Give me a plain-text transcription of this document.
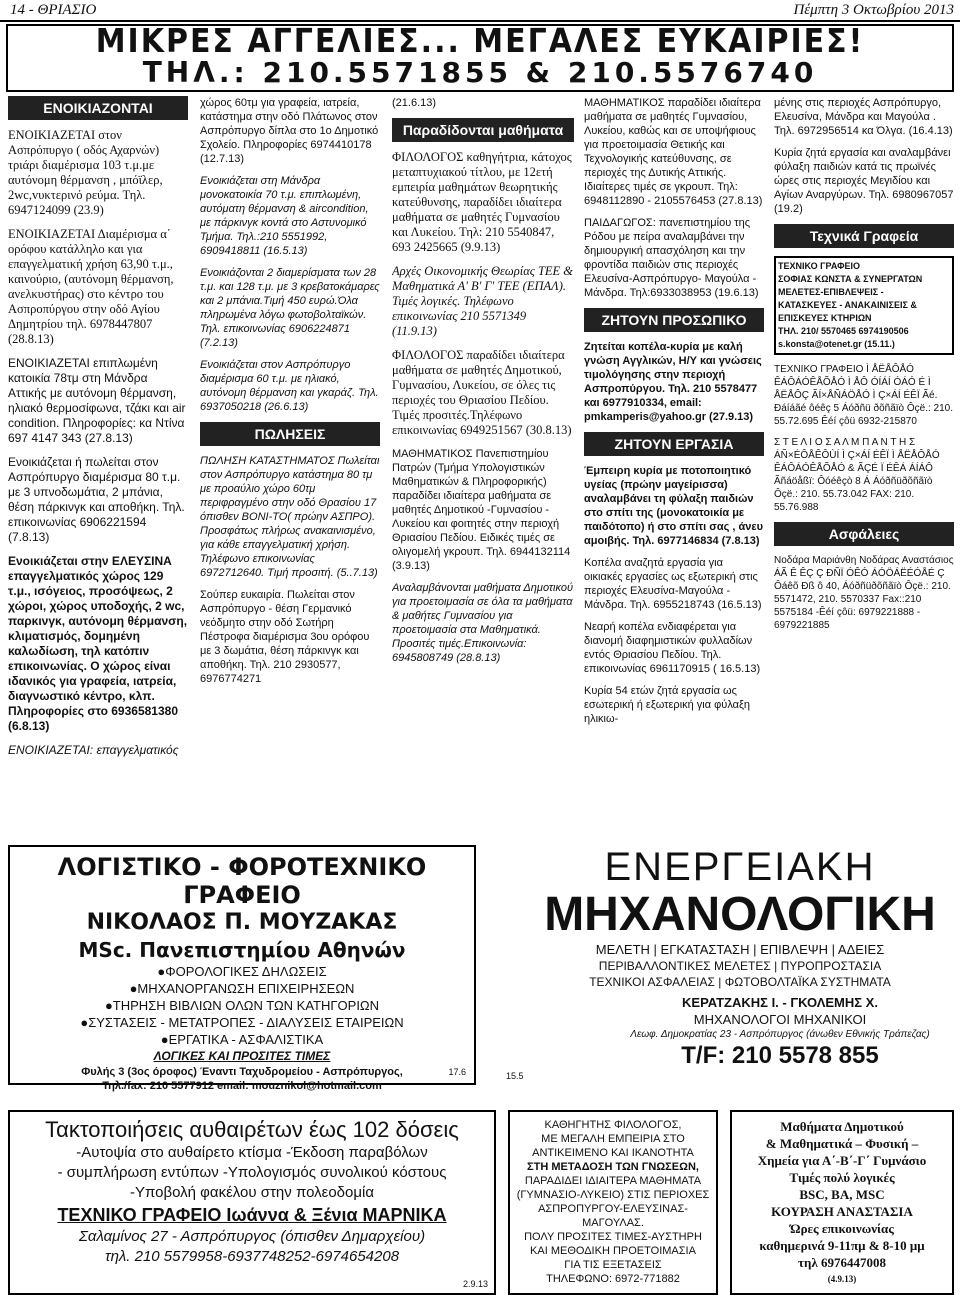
14 - ΘΡΙΑΣΙΟ	Πέμπτη 3 Οκτωβρίου 2013
ΜΙΚΡΕΣ ΑΓΓΕΛΙΕΣ... ΜΕΓΑΛΕΣ ΕΥΚΑΙΡΙΕΣ!
ΤΗΛ.: 210.5571855 & 210.5576740
ΕΝΟΙΚΙΑΖΟΝΤΑΙ
ΕΝΟΙΚΙΑΖΕΤΑΙ στον Ασπρόπυργο ( οδός Αχαρνών) τριάρι διαμέρισμα 103 τ.μ.με αυτόνομη θέρμανση , μπόϊλερ, 2wc,vυκτερινό ρεύμα. Τηλ. 6947124099 (23.9)
ΕΝΟΙΚΙΑΖΕΤΑΙ Διαμέρισμα α΄ ορόφου κατάλληλο και για επαγγελματική χρήση 63,90 τ.μ., καινούριο, (αυτόνομη θέρμανση, ανελκυστήρας) στο κέντρο του Ασπρoπύργου στην οδό Αγίου Δημητρίου τηλ. 6978447807 (28.8.13)
ΕΝΟΙΚΙΑΖΕΤΑΙ επιπλωμένη κατοικία 78τμ στη Μάνδρα Αττικής με αυτόνομη θέρμανση, ηλιακό θερμοσίφωνα, τζάκι και air condition. Πληροφορίες: κα Ντίνα 697 4147 343 (27.8.13)
Ενοικιάζεται ή πωλείται στον Ασπρόπυργο διαμέρισμα 80 τ.μ. με 3 υπνοδωμάτια, 2 μπάνια, θέση πάρκινγκ και αποθήκη. Τηλ. επικοινωνίας 6906221594 (7.8.13)
Ενοικιάζεται στην ΕΛΕΥΣΙΝΑ επαγγελματικός χώρος 129 τ.μ., ισόγειος, προσόψεως, 2 χώροι, χώρος υποδοχής, 2 wc, παρκινγκ, αυτόνομη θέρμανση, κλιματισμός, δομημένη καλωδίωση, τηλ κατόπιν επικοινωνίας. Ο χώρος είναι ιδανικός για γραφεία, ιατρεία, διαγνωστικό κέντρο, κλπ. Πληροφορίες στο 6936581380 (6.8.13)
ΕΝΟΙΚΙΑΖΕΤΑΙ: επαγγελματικός
χώρος 60τμ για γραφεία, ιατρεία, κατάστημα στην οδό Πλάτωνος στον Ασπρόπυργο δίπλα στο 1ο Δημοτικό Σχολείο. Πληροφορίες 6974410178 (12.7.13)
Ενοικιάζεται στη Μάνδρα μονοκατοικία 70 τ.μ. επιπλωμένη, αυτόματη θέρμανση & aircondition, με πάρκινγκ κοντά στο Αστυνομικό Τμήμα. Τηλ.:210 5551992, 6909418811 (16.5.13)
Ενοικιάζονται 2 διαμερίσματα των 28 τ.μ. και 128 τ.μ. με 3 κρεβατοκάμαρες και 2 μπάνια.Τιμή 450 ευρώ.Όλα πληρωμένα λόγω φωτοβολταϊκών. Τηλ. επικοινωνίας 6906224871 (7.2.13)
Ενοικιάζεται στον Ασπρόπυργο διαμέρισμα 60 τ.μ. με ηλιακό, αυτόνομη θέρμανση και γκαράζ. Τηλ. 6937050218 (26.6.13)
ΠΩΛΗΣΕΙΣ
ΠΩΛΗΣΗ ΚΑΤΑΣΤΗΜΑΤΟΣ Πωλείται στον Ασπρόπυργο κατάστημα 80 τμ με προαύλιο χώρο 60τμ περιφραγμένο στην οδό Θρασίου 17 όπισθεν BONI-TO( πρώην ΑΣΠΡΟ). Προσφάτως πλήρως ανακαινισμένο, για κάθε επαγγελματική χρήση. Τηλέφωνο επικοινωνίας 6972712640. Τιμή προσιτή. (5..7.13)
Σούπερ ευκαιρία. Πωλείται στον Ασπρόπυργο - θέση Γερμανικό νεόδμητο στην οδό Σωτήρη Πέστροφα διαμέρισμα 3ου ορόφου με 3 δωμάτια, θέση πάρκινγκ και αποθήκη. Τηλ. 210 2930577, 6976774271
(21.6.13)
Παραδίδονται μαθήματα
ΦΙΛΟΛΟΓΟΣ καθηγήτρια, κάτοχος μεταπτυχιακού τίτλου, με 12ετή εμπειρία μαθημάτων θεωρητικής κατεύθυνσης, παραδίδει ιδιαίτερα μαθήματα σε μαθητές Γυμνασίου και Λυκείου. Τηλ: 210 5540847, 693 2425665 (9.9.13)
Αρχές Οικονομικής Θεωρίας ΤΕΕ & Μαθηματικά Α' Β' Γ' ΤΕΕ (ΕΠΑΛ). Τιμές λογικές. Τηλέφωνο επικοινωνίας 210 5571349 (11.9.13)
ΦΙΛΟΛΟΓΟΣ παραδίδει ιδιαίτερα μαθήματα σε μαθητές Δημοτικού, Γυμνασίου, Λυκείου, σε όλες τις περιοχές του Θριασίου Πεδίου. Τιμές προσιτές.Τηλέφωνο επικοινωνίας 6949251567 (30.8.13)
ΜΑΘΗΜΑΤΙΚΟΣ Πανεπιστημίου Πατρών (Τμήμα Υπολογιστικών Μαθηματικών & Πληροφορικής) παραδίδει ιδιαίτερα μαθήματα σε μαθητές Δημοτικού -Γυμνασίου - Λυκείου και φοιτητές στην περιοχή Θριασίου Πεδίου. Ειδικές τιμές σε ολιγομελή γκρουπ. Τηλ. 6944132114 (3.9.13)
Αναλαμβάνονται μαθήματα Δημοτικού για προετοιμασία σε όλα τα μαθήματα & μαθήτες Γυμνασίου για προετοιμασία στα Μαθηματικά. Προσιτές τιμές.Επικοινωνία: 6945808749 (28.8.13)
ΜΑΘΗΜΑΤΙΚΟΣ παραδίδει ιδιαίτερα μαθήματα σε μαθητές Γυμνασίου, Λυκείου, καθώς και σε υποψήφιους για προετοιμασία Θετικής και Τεχνολογικής κατεύθυνσης, σε περιοχές της Δυτικής Αττικής. Ιδιαίτερες τιμές σε γκρουπ. Τηλ: 6948112890 - 2105576453 (27.8.13)
ΠΑΙΔΑΓΩΓΟΣ: πανεπιστημίου της Ρόδου με πείρα αναλαμβάνει την δημιουργική απασχόληση και την φροντίδα παιδιών στις περιοχές Ελευσίνα-Ασπρόπυργο- Μαγούλα - Μάνδρα. Τηλ:6933038953 (19.6.13)
ΖΗΤΟΥΝ ΠΡΟΣΩΠΙΚΟ
Ζητείται κοπέλα-κυρία με καλή γνώση Αγγλικών, Η/Υ και γνώσεις τιμολόγησης στην περιοχή Ασπροπύργου. Τηλ. 210 5578477 και 6977910334, email: pmkamperis@yahoo.gr (27.9.13)
ΖΗΤΟΥΝ ΕΡΓΑΣΙΑ
Έμπειρη κυρία με ποτοποιητικό υγείας (πρώην μαγείρισσα) αναλαμβάνει τη φύλαξη παιδιών στο σπίτι της (μονοκατοικία με παιδότοπο) ή στο σπίτι σας , άνευ αμοιβής. Τηλ. 6977146834 (7.8.13)
Κοπέλα αναζητά εργασία για οικιακές εργασίες ως εξωτερική στις περιοχές Ελευσίνα-Μαγούλα - Μάνδρα. Τηλ. 6955218743 (16.5.13)
Νεαρή κοπέλα ενδιαφέρεται για διανομή διαφημιστικών φυλλαδίων εντός Θριασίου Πεδίου. Τηλ. επικοινωνίας 6961170915 ( 16.5.13)
Κυρία 54 ετών ζητά εργασία ως εσωτερική ή εξωτερική για φύλαξη ηλικιω-
μένης στις περιοχές Ασπρόπυργο, Ελευσίνα, Μάνδρα και Μαγούλα . Τηλ. 6972956514 κα Όλγα. (16.4.13)
Κυρία ζητά εργασία και αναλαμβάνει φύλαξη παιδιών κατά τις πρωϊνές ώρες στις περιοχές Μεγιδίου και Αγίων Αναργύρων. Τηλ. 6980967057 (19.2)
Τεχνικά Γραφεία
ΤΕΧΝΙΚΟ ΓΡΑΦΕΙΟ
ΣΟΦΙΑΣ ΚΩΝΣΤΑ & ΣΥΝΕΡΓΑΤΩΝ
ΜΕΛΕΤΕΣ-ΕΠΙΒΛΕΨΕΙΣ -
ΚΑΤΑΣΚΕΥΕΣ - ΑΝΑΚΑΙΝΙΣΕΙΣ &
ΕΠΙΣΚΕΥΕΣ ΚΤΗΡΙΩΝ
ΤΗΛ. 210/ 5570465 6974190506
s.konsta@otenet.gr (15.11.)
ΤΕΧΝΙΚΟ ΓΡΑΦΕΙΟ Ì ÅËÅÔÅÓ ÊÁÔÁÓÊÅÕÅÓ Ì ÅÔ ÓÍÁÍ ÓÁÓ É Ì ÅËÅÔÇ ÃÍ×ÅÑÁÖÅÓ Ì Ç×ÁÍ ÉÊÏ Ãé. Ðáíáãé ôéêç 5 Áóðñü ðõñãïò Ôçë.: 210. 55.72.695 Êéí çôü 6932-215870
Σ Τ Ε Λ Ι Ο Σ Α Λ Μ Π Α Ν Τ Η Σ ÁÑ×ÉÔÅÊÔÙÍ Ì Ç×ÁÍ ÉÊÏ Ì ÅËÅÔÅÓ ÊÁÔÁÓÊÅÕÅÓ & ÃÇÉ Ï ÉÊÁ ÁÍÁÔ Ãñáöåßï: Ôóéêçò 8 Á Áóðñüðõñãïò Ôçë.: 210. 55.73.042 FAX: 210. 55.76.988
Ασφάλειες
Νοδάρα Μαριάνθη Νοδάρας Αναστάσιος ÁÃ Ê ÊÇ Ç ÐÑÏ ÓÊÓ ÁÓÖÁËÉÓÅÉ Ç Ôáêõ Ðß ô 40, Áóðñüðõñãïò Ôçë.: 210. 5571472, 210. 5570337 Fax::210 5575184 -Êéí çôü: 6979221888 - 6979221885
ΛΟΓΙΣΤΙΚΟ - ΦΟΡΟΤΕΧΝΙΚΟ ΓΡΑΦΕΙΟ
ΝΙΚΟΛΑΟΣ Π. ΜΟΥΖΑΚΑΣ
MSc. Πανεπιστημίου Αθηνών
●ΦΟΡΟΛΟΓΙΚΕΣ ΔΗΛΩΣΕΙΣ
●ΜΗΧΑΝΟΡΓΑΝΩΣΗ ΕΠΙΧΕΙΡΗΣΕΩΝ
●ΤΗΡΗΣΗ ΒΙΒΛΙΩΝ ΟΛΩΝ ΤΩΝ ΚΑΤΗΓΟΡΙΩΝ
●ΣΥΣΤΑΣΕΙΣ - ΜΕΤΑΤΡΟΠΕΣ - ΔΙΑΛΥΣΕΙΣ ΕΤΑΙΡΕΙΩΝ
●ΕΡΓΑΤΙΚΑ - ΑΣΦΑΛΙΣΤΙΚΑ
ΛΟΓΙΚΕΣ ΚΑΙ ΠΡΟΣΙΤΕΣ ΤΙΜΕΣ
Φυλής 3 (3ος όροφος) Έναντι Ταχυδρομείου - Ασπρόπυργος,
Τηλ./fax: 210 5577912 email: mouznikol@hotmail.com
17.6	15.5
ΕΝΕΡΓΕΙΑΚΗ
ΜΗΧΑΝΟΛΟΓΙΚΗ
ΜΕΛΕΤΗ | ΕΓΚΑΤΑΣΤΑΣΗ | ΕΠΙΒΛΕΨΗ | ΑΔΕΙΕΣ
ΠΕΡΙΒΑΛΛΟΝΤΙΚΕΣ ΜΕΛΕΤΕΣ | ΠΥΡΟΠΡΟΣΤΑΣΙΑ
ΤΕΧΝΙΚΟΙ ΑΣΦΑΛΕΙΑΣ | ΦΩΤΟΒΟΛΤΑΪΚΑ ΣΥΣΤΗΜΑΤΑ
ΚΕΡΑΤΖΑΚΗΣ Ι. - ΓΚΟΛΕΜΗΣ Χ.
ΜΗΧΑΝΟΛΟΓΟΙ ΜΗΧΑΝΙΚΟΙ
Λεωφ. Δημοκρατίας 23 - Ασπρόπυργος (άνωθεν Εθνικής Τράπεζας)
T/F: 210 5578 855
Τακτοποιήσεις αυθαιρέτων έως 102 δόσεις
-Αυτοψία στο αυθαίρετο κτίσμα -Έκδοση παραβόλων
- συμπλήρωση εντύπων -Υπολογισμός συνολικού κόστους
-Υποβολή φακέλου στην πολεοδομία
ΤΕΧΝΙΚΟ ΓΡΑΦΕΙΟ Ιωάννα & Ξένια ΜΑΡΝΙΚΑ
Σαλαμίνος 27 - Ασπρόπυργος (όπισθεν Δημαρχείου)
τηλ. 210 5579958-6937748252-6974654208
2.9.13
ΚΑΘΗΓΗΤΗΣ ΦΙΛΟΛΟΓΟΣ,
ΜΕ ΜΕΓΑΛΗ ΕΜΠΕΙΡΙΑ ΣΤΟ
ΑΝΤΙΚΕΙΜΕΝΟ ΚΑΙ ΙΚΑΝΟΤΗΤΑ
ΣΤΗ ΜΕΤΑΔΟΣΗ ΤΩΝ ΓΝΩΣΕΩΝ,
ΠΑΡΑΔΙΔΕΙ ΙΔΙΑΙΤΕΡΑ ΜΑΘΗΜΑΤΑ
(ΓΥΜΝΑΣΙΟ-ΛΥΚΕΙΟ) ΣΤΙΣ ΠΕΡΙΟΧΕΣ
ΑΣΠΡΟΠΥΡΓΟΥ-ΕΛΕΥΣΙΝΑΣ-
ΜΑΓΟΥΛΑΣ.
ΠΟΛΥ ΠΡΟΣΙΤΕΣ ΤΙΜΕΣ-ΑΥΣΤΗΡΗ
ΚΑΙ ΜΕΘΟΔΙΚΗ ΠΡΟΕΤΟΙΜΑΣΙΑ
ΓΙΑ ΤΙΣ ΕΞΕΤΑΣΕΙΣ
ΤΗΛΕΦΩΝΟ: 6972-771882
Μαθήματα Δημοτικού
& Μαθηματικά – Φυσική –
Χημεία για Α΄-Β΄-Γ΄ Γυμνάσιο
Τιμές πολύ λογικές
BSC, BA, MSC
ΚΟΥΡΑΣΗ ΑΝΑΣΤΑΣΙΑ
Ώρες επικοινωνίας
καθημερινά 9-11πμ & 8-10 μμ
τηλ 6976447008
(4.9.13)
